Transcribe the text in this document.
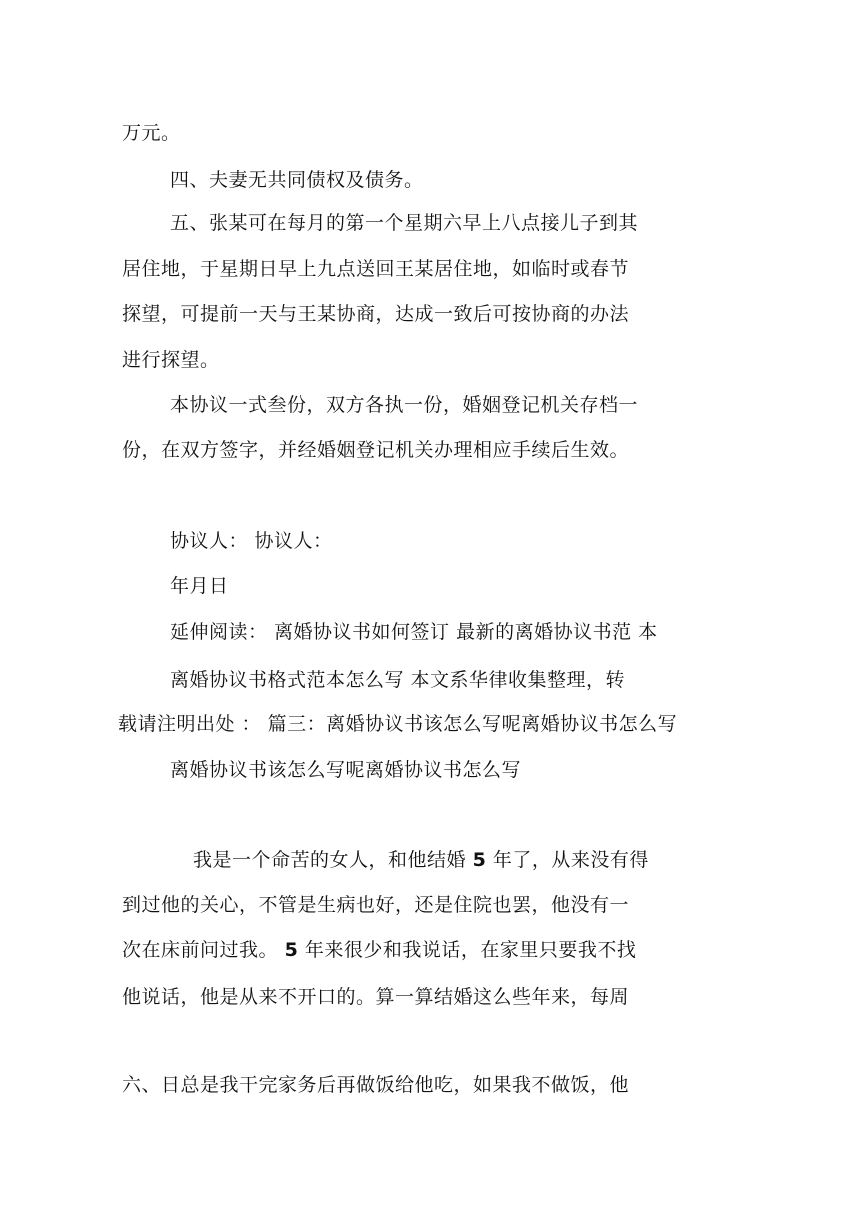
万元。
四、夫妻无共同债权及债务。
五、张某可在每月的第一个星期六早上八点接儿子到其
居住地，于星期日早上九点送回王某居住地，如临时或春节
探望，可提前一天与王某协商，达成一致后可按协商的办法
进行探望。
本协议一式叁份，双方各执一份，婚姻登记机关存档一
份，在双方签字，并经婚姻登记机关办理相应手续后生效。
协议人： 协议人：
年月日
延伸阅读： 离婚协议书如何签订 最新的离婚协议书范 本
离婚协议书格式范本怎么写 本文系华律收集整理，转
载请注明出处 ： 篇三：离婚协议书该怎么写呢离婚协议书怎么写
离婚协议书该怎么写呢离婚协议书怎么写
我是一个命苦的女人，和他结婚 5 年了，从来没有得
到过他的关心，不管是生病也好，还是住院也罢，他没有一
次在床前问过我。 5 年来很少和我说话，在家里只要我不找
他说话，他是从来不开口的。算一算结婚这么些年来，每周
六、日总是我干完家务后再做饭给他吃，如果我不做饭，他
